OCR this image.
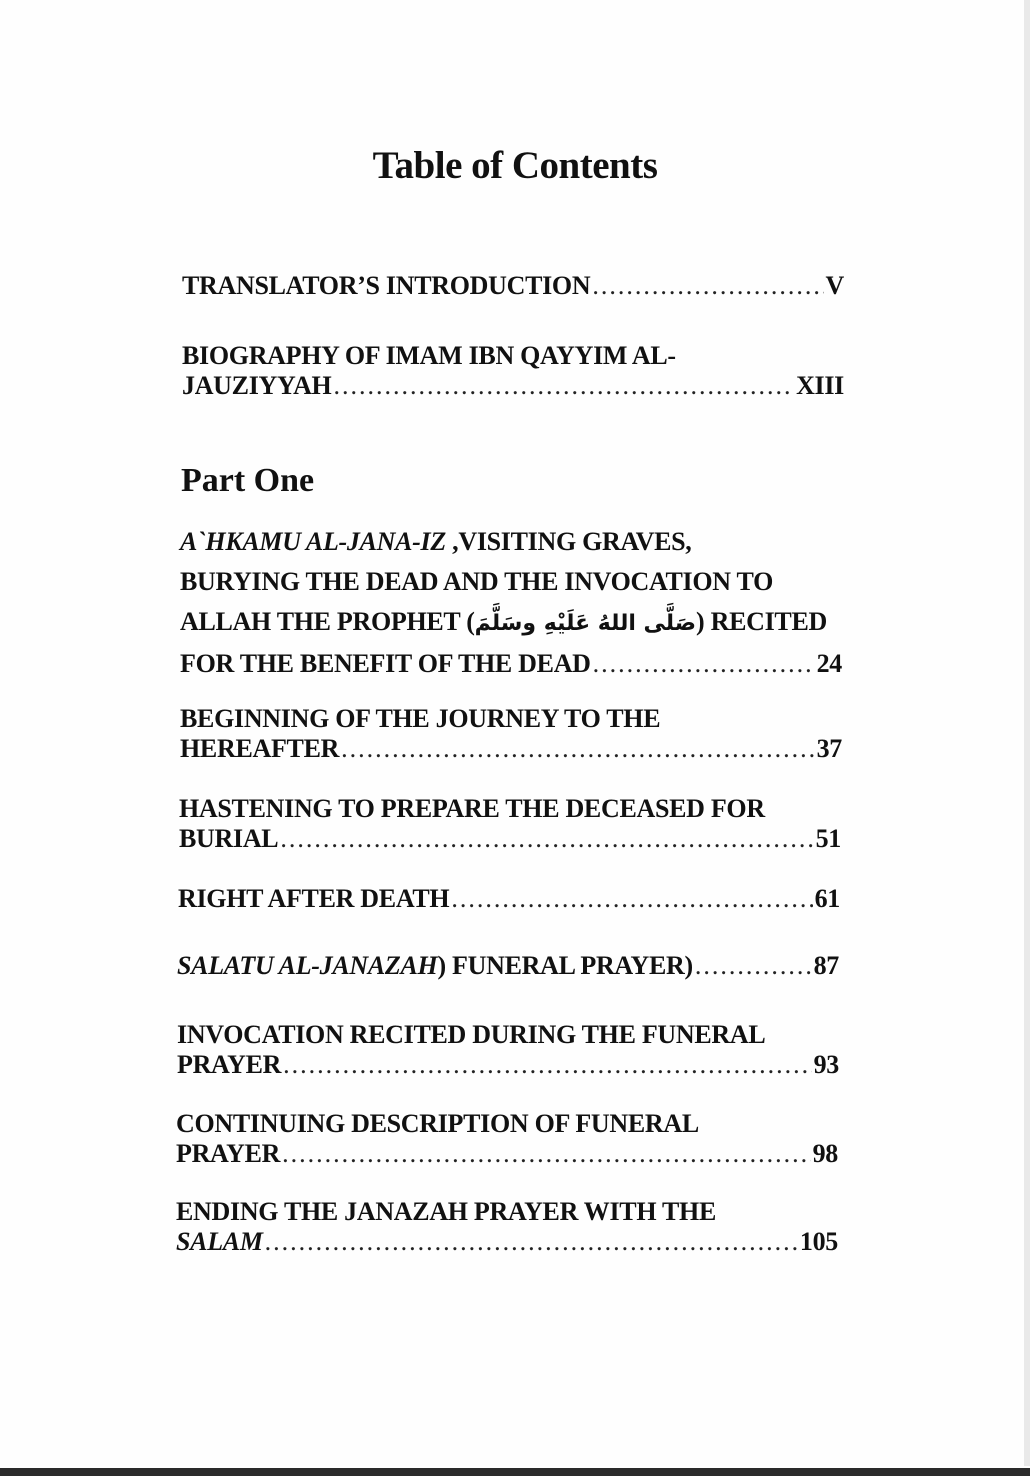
Table of Contents
TRANSLATOR’S INTRODUCTION .....	V
BIOGRAPHY OF IMAM IBN QAYYIM AL-
JAUZIYYAH .....	XIII
Part One
A`HKAMU AL-JANA-IZ ,VISITING GRAVES,
BURYING THE DEAD AND THE INVOCATION TO
ALLAH THE PROPHET (صَلَّى اللهُ عَلَيْهِ وسَلَّمَ) RECITED
FOR THE BENEFIT OF THE DEAD .....	24
BEGINNING OF THE JOURNEY TO THE
HEREAFTER .....	37
HASTENING TO PREPARE THE DECEASED FOR
BURIAL .....	51
RIGHT AFTER DEATH .....	61
SALATU AL-JANAZAH) FUNERAL PRAYER) .....	87
INVOCATION RECITED DURING THE FUNERAL
PRAYER .....	93
CONTINUING DESCRIPTION OF FUNERAL
PRAYER .....	98
ENDING THE JANAZAH PRAYER WITH THE
SALAM .....	105
